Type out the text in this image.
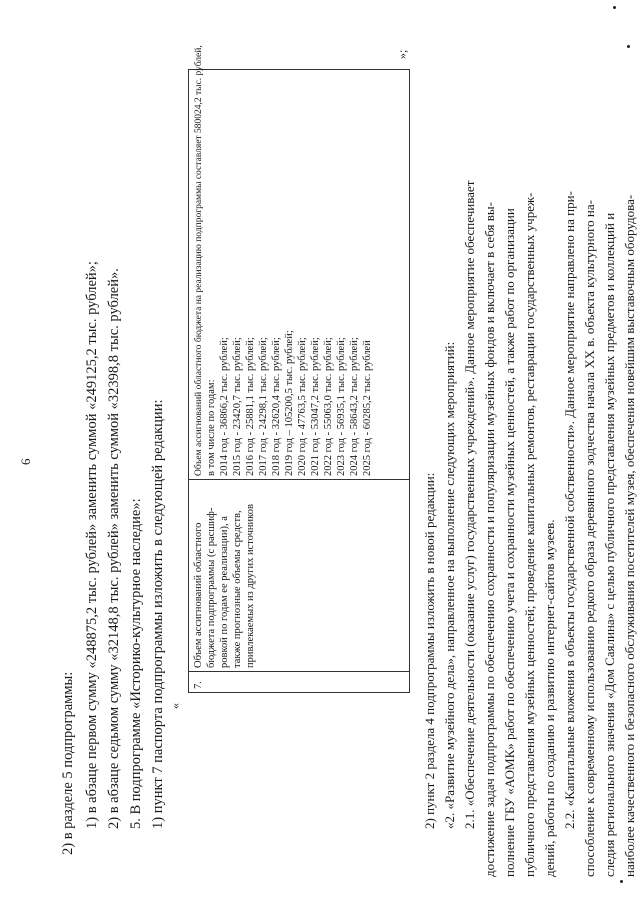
6
2) в разделе 5 подпрограммы: 1) в абзаце первом сумму «248875,2 тыс. рублей» заменить суммой «249125,2 тыс. рублей»; 2) в абзаце седьмом сумму «32148,8 тыс. рублей» заменить суммой «32398,8 тыс. рублей». 5. В подпрограмме «Историко-культурное наследие»: 1) пункт 7 паспорта подпрограммы изложить в следующей редакции: «
7.
Объем ассигнований областного бюджета подпрограммы (с расшиф- ровкой по годам ее реализации), а также прогнозные объемы средств, привлекаемых из других источников
Объем ассигнований областного бюджета на реализацию подпрограммы составляет 580024,2 тыс. рублей, в том числе по годам: 2014 год - 36866,2 тыс. рублей; 2015 год - 23420,7 тыс. рублей; 2016 год - 25881,1 тыс. рублей; 2017 год - 24298,1 тыс. рублей; 2018 год - 32620,4 тыс. рублей; 2019 год – 105200,5 тыс. рублей; 2020 год - 47763,5 тыс. рублей; 2021 год - 53047,2 тыс. рублей; 2022 год - 55063,0 тыс. рублей; 2023 год - 56935,1 тыс. рублей; 2024 год - 58643,2 тыс. рублей; 2025 год - 60285,2 тыс. рублей
»;
2) пункт 2 раздела 4 подпрограммы изложить в новой редакции: «2. «Развитие музейного дела», направленное на выполнение следующих мероприятий: 2.1. «Обеспечение деятельности (оказание услуг) государственных учреждений». Данное мероприятие обеспечивает достижение задач подпрограммы по обеспечению сохранности и популяризации музейных фондов и включает в себя вы- полнение ГБУ «АОМК» работ по обеспечению учета и сохранности музейных ценностей, а также работ по организации публичного представления музейных ценностей; проведение капитальных ремонтов, реставрации государственных учреж- дений, работы по созданию и развитию интернет-сайтов музеев. 2.2. «Капитальные вложения в объекты государственной собственности». Данное мероприятие направлено на при- способление к современному использованию редкого образа деревянного зодчества начала XX в. объекта культурного на- следия регионального значения «Дом Саялина» с целью публичного представления музейных предметов и коллекций и наиболее качественного и безопасного обслуживания посетителей музея, обеспечения новейшим выставочным оборудова-
